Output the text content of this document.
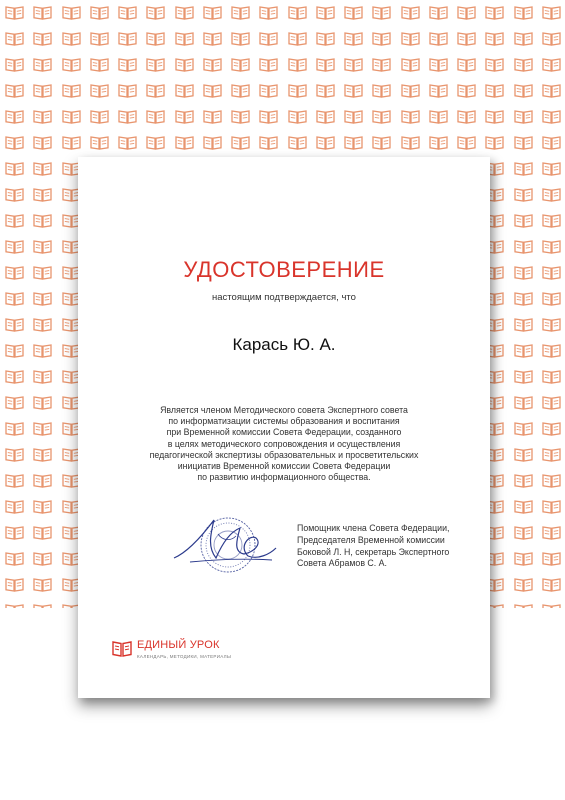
УДОСТОВЕРЕНИЕ
настоящим подтверждается, что
Карась Ю. А.
Является членом Методического совета Экспертного совета
по информатизации системы образования и воспитания
при Временной комиссии Совета Федерации, созданного
в целях методического сопровождения и осуществления
педагогической экспертизы образовательных и просветительских
инициатив Временной комиссии Совета Федерации
по развитию информационного общества.
Помощник члена Совета Федерации,
Председателя Временной комиссии
Боковой Л. Н, секретарь Экспертного
Совета Абрамов С. А.
ЕДИНЫЙ УРОК
КАЛЕНДАРЬ, МЕТОДИКИ, МАТЕРИАЛЫ
